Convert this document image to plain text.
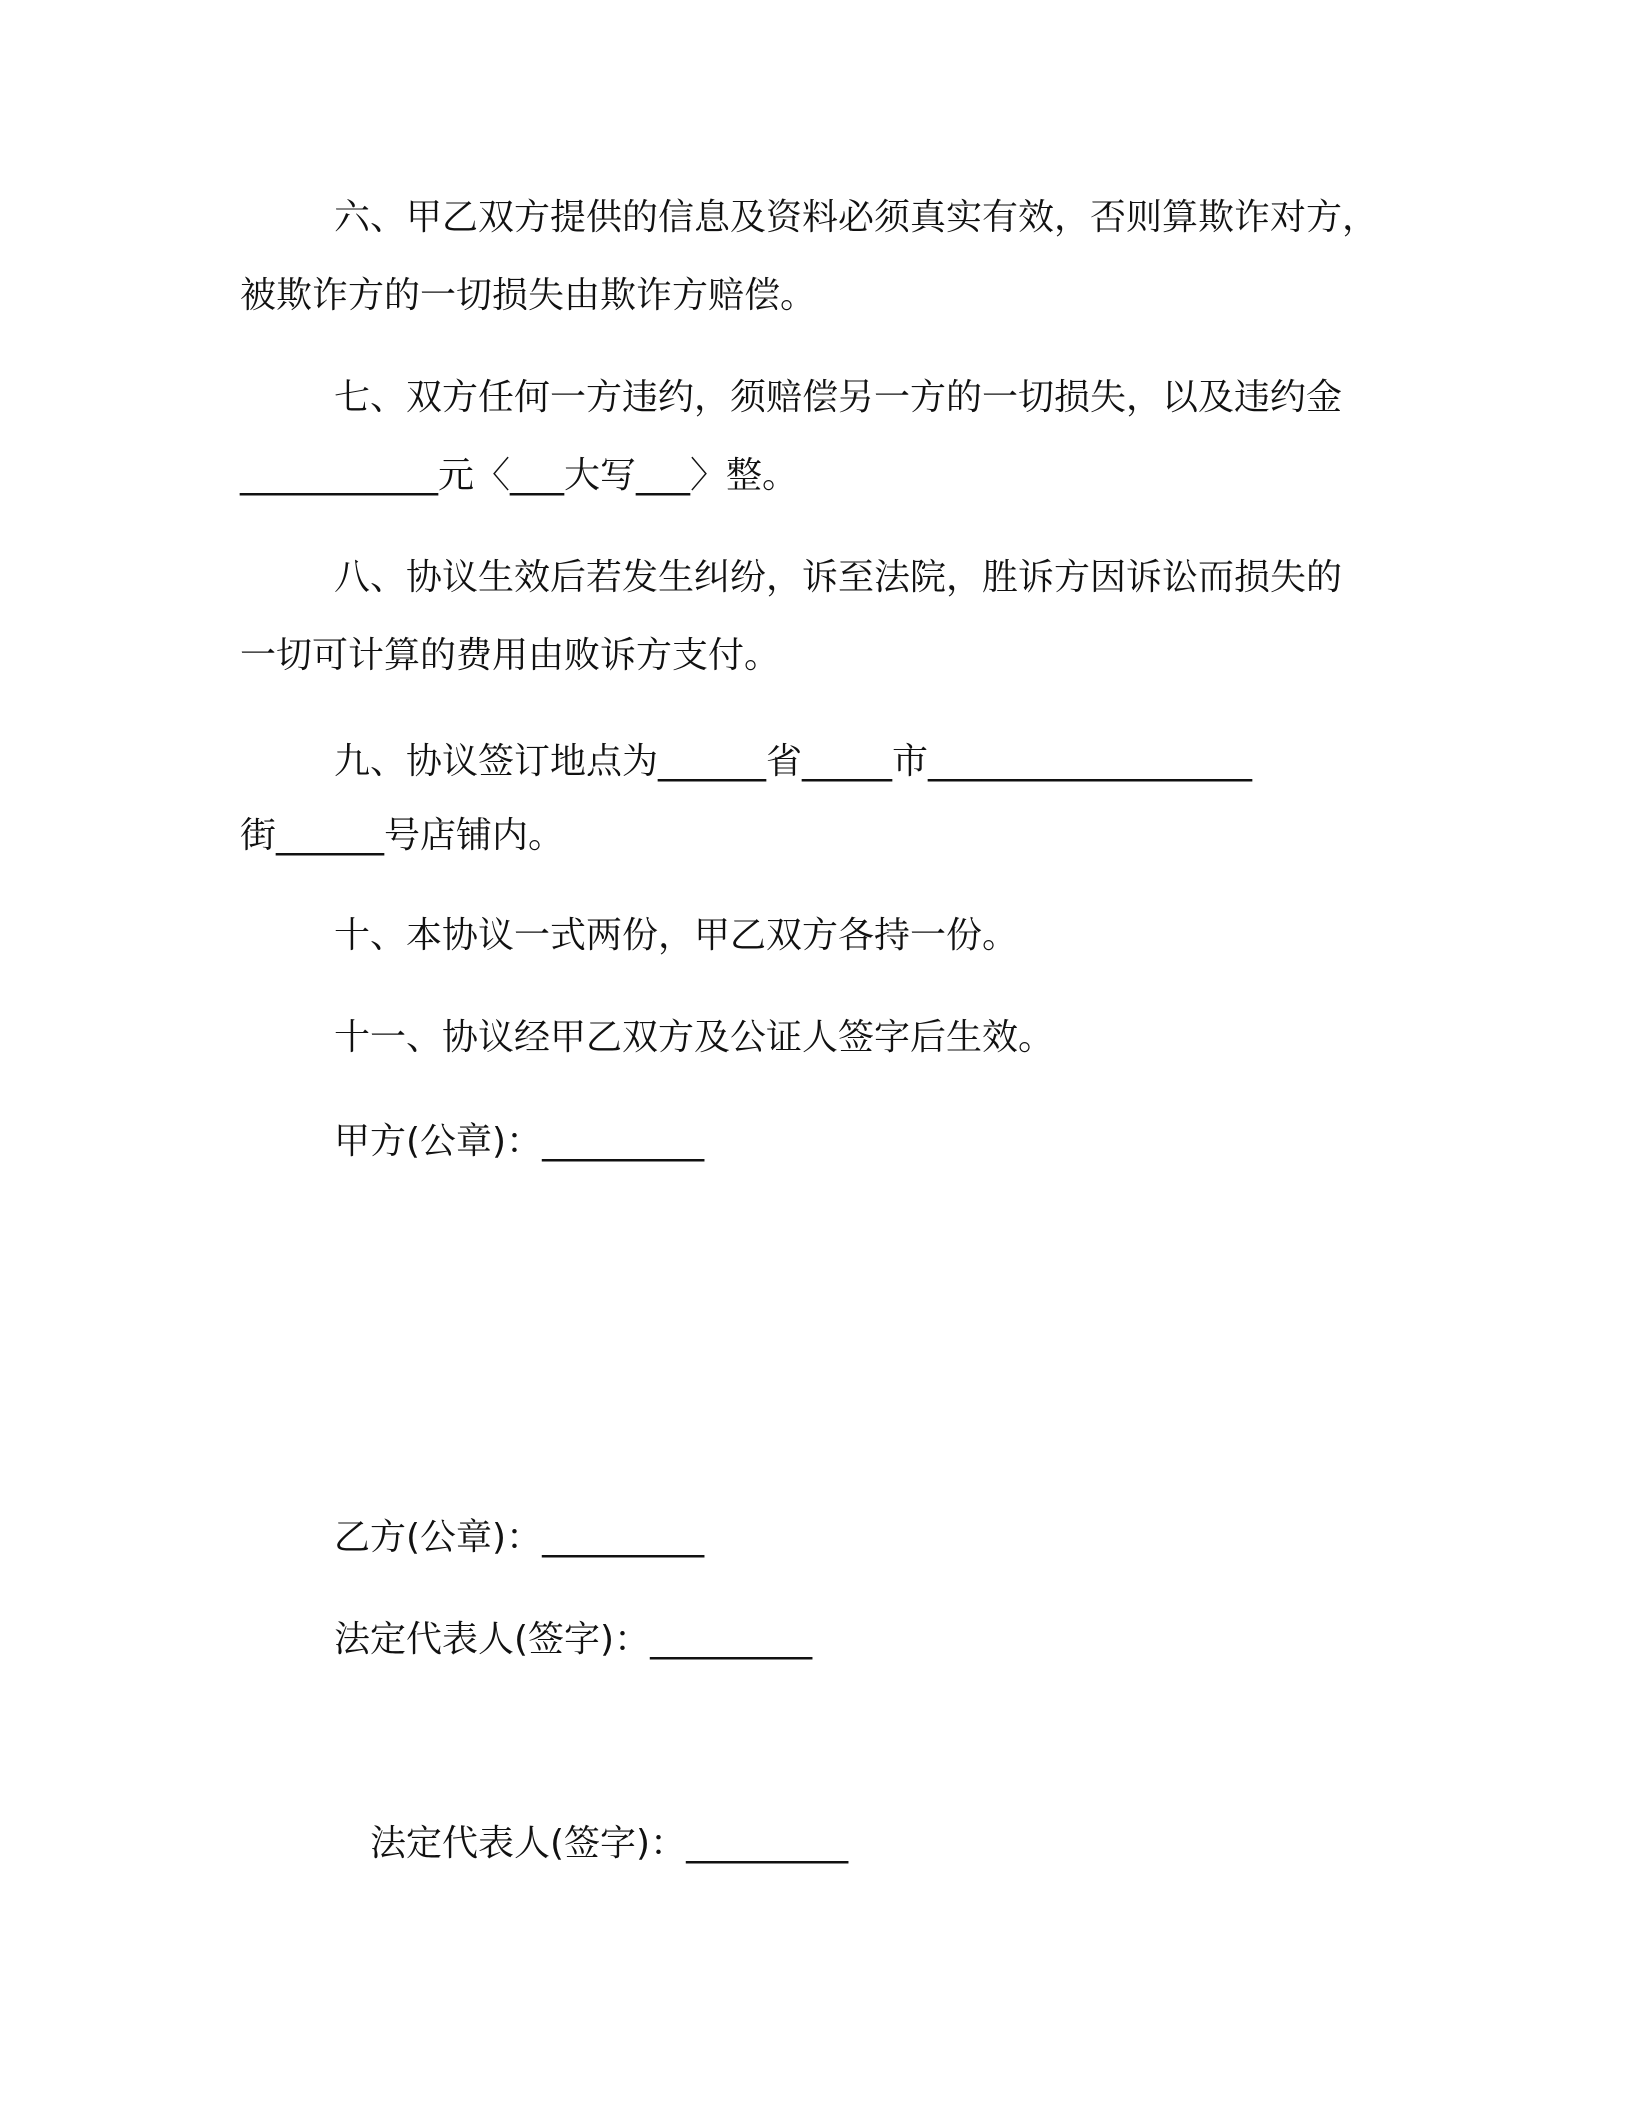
六、甲乙双方提供的信息及资料必须真实有效，否则算欺诈对方，
被欺诈方的一切损失由欺诈方赔偿。
七、双方任何一方违约，须赔偿另一方的一切损失，以及违约金
___________元〈___大写___〉整。
八、协议生效后若发生纠纷，诉至法院，胜诉方因诉讼而损失的
一切可计算的费用由败诉方支付。
九、协议签订地点为______省_____市__________________
街______号店铺内。
十、本协议一式两份，甲乙双方各持一份。
十一、协议经甲乙双方及公证人签字后生效。
甲方(公章)：_________
乙方(公章)：_________
法定代表人(签字)：_________
法定代表人(签字)：_________
